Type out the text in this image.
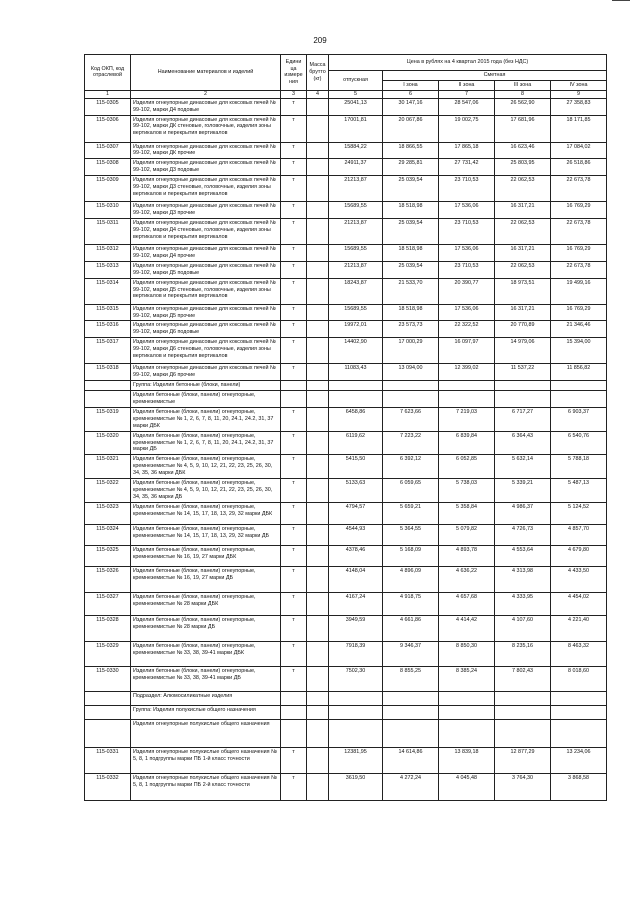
209
Код ОКП, код отраслевой	Наименование материалов и изделий	Едини ца измере ния	Масса брутто (кг)	Цена в рублях на 4 квартал 2015 года (без НДС)				
				отпускная	Сметная			
					I зона	II зона	III зона	IV зона
1	2	3	4	5	6	7	8	9
115-0305	Изделия огнеупорные динасовые для коксовых печей № 99-102, марки Д4 подовые	т		25041,13	30 147,16	28 547,06	26 562,90	27 358,83
115-0306	Изделия огнеупорные динасовые для коксовых печей № 99-102, марки ДК стеновые, головочные, изделия зоны вертикалов и перекрытия вертикалов	т		17001,81	20 067,86	19 002,75	17 681,96	18 171,85
115-0307	Изделия огнеупорные динасовые для коксовых печей № 99-102, марки ДК прочие	т		15884,22	18 866,55	17 865,18	16 623,46	17 084,02
115-0308	Изделия огнеупорные динасовые для коксовых печей № 99-102, марки Д3 подовые	т		24911,37	29 285,81	27 731,42	25 803,95	26 518,86
115-0309	Изделия огнеупорные динасовые для коксовых печей № 99-102, марки Д3 стеновые, головочные, изделия зоны вертикалов и перекрытия вертикалов	т		21213,87	25 039,54	23 710,53	22 062,53	22 673,78
115-0310	Изделия огнеупорные динасовые для коксовых печей № 99-102, марки Д3 прочие	т		15689,55	18 518,98	17 536,06	16 317,21	16 769,29
115-0311	Изделия огнеупорные динасовые для коксовых печей № 99-102, марки Д4 стеновые, головочные, изделия зоны вертикалов и перекрытия вертикалов	т		21213,87	25 039,54	23 710,53	22 062,53	22 673,78
115-0312	Изделия огнеупорные динасовые для коксовых печей № 99-102, марки Д4 прочие	т		15689,55	18 518,98	17 536,06	16 317,21	16 769,29
115-0313	Изделия огнеупорные динасовые для коксовых печей № 99-102, марки Д5 подовые	т		21213,87	25 039,54	23 710,53	22 062,53	22 673,78
115-0314	Изделия огнеупорные динасовые для коксовых печей № 99-102, марки Д5 стеновые, головочные, изделия зоны вертикалов и перекрытия вертикалов	т		18243,87	21 533,70	20 390,77	18 973,51	19 499,16
115-0315	Изделия огнеупорные динасовые для коксовых печей № 99-102, марки Д5 прочие	т		15689,55	18 518,98	17 536,06	16 317,21	16 769,29
115-0316	Изделия огнеупорные динасовые для коксовых печей № 99-102, марки Д6 подовые	т		19972,01	23 573,73	22 322,52	20 770,89	21 346,46
115-0317	Изделия огнеупорные динасовые для коксовых печей № 99-102, марки Д6 стеновые, головочные, изделия зоны вертикалов и перекрытия вертикалов	т		14402,90	17 000,29	16 097,97	14 979,06	15 394,00
115-0318	Изделия огнеупорные динасовые для коксовых печей № 99-102, марки Д6 прочие	т		11083,43	13 094,00	12 399,02	11 537,22	11 856,82
	Группа: Изделия бетонные (блоки, панели)							
	Изделия бетонные (блоки, панели) огнеупорные, кремнеземистые							
115-0319	Изделия бетонные (блоки, панели) огнеупорные, кремнеземистые № 1, 2, 6, 7, 8, 11, 20, 24.1, 24.2, 31, 37 марки ДБК	т		6458,86	7 623,66	7 219,03	6 717,27	6 903,37
115-0320	Изделия бетонные (блоки, панели) огнеупорные, кремнеземистые № 1, 2, 6, 7, 8, 11, 20, 24.1, 24.2, 31, 37 марки ДБ	т		6119,62	7 223,22	6 839,84	6 364,43	6 540,76
115-0321	Изделия бетонные (блоки, панели) огнеупорные, кремнеземистые № 4, 5, 9, 10, 12, 21, 22, 23, 25, 26, 30, 34, 35, 36 марки ДБК	т		5415,50	6 392,12	6 052,85	5 632,14	5 788,18
115-0322	Изделия бетонные (блоки, панели) огнеупорные, кремнеземистые № 4, 5, 9, 10, 12, 21, 22, 23, 25, 26, 30, 34, 35, 36 марки ДБ	т		5133,63	6 059,65	5 738,03	5 339,21	5 487,13
115-0323	Изделия бетонные (блоки, панели) огнеупорные, кремнеземистые № 14, 15, 17, 18, 13, 29, 32 марки ДБК	т		4794,57	5 659,21	5 358,84	4 986,37	5 124,52
115-0324	Изделия бетонные (блоки, панели) огнеупорные, кремнеземистые № 14, 15, 17, 18, 13, 29, 32 марки ДБ	т		4544,93	5 364,55	5 079,82	4 726,73	4 857,70
115-0325	Изделия бетонные (блоки, панели) огнеупорные, кремнеземистые № 16, 19, 27 марки ДБК	т		4378,46	5 168,09	4 893,78	4 553,64	4 679,80
115-0326	Изделия бетонные (блоки, панели) огнеупорные, кремнеземистые № 16, 19, 27 марки ДБ	т		4148,04	4 896,09	4 636,22	4 313,98	4 433,50
115-0327	Изделия бетонные (блоки, панели) огнеупорные, кремнеземистые № 28 марки ДБК	т		4167,24	4 918,75	4 657,68	4 333,95	4 454,02
115-0328	Изделия бетонные (блоки, панели) огнеупорные, кремнеземистые № 28 марки ДБ	т		3949,59	4 661,86	4 414,42	4 107,60	4 221,40
115-0329	Изделия бетонные (блоки, панели) огнеупорные, кремнеземистые № 33, 38, 39-41 марки ДБК	т		7918,39	9 346,37	8 850,30	8 235,16	8 463,32
115-0330	Изделия бетонные (блоки, панели) огнеупорные, кремнеземистые № 33, 38, 39-41 марки ДБ	т		7502,30	8 855,25	8 385,24	7 802,43	8 018,60
	Подраздел: Алюмосиликатные изделия							
	Группа: Изделия полукислые общего назначения							
	Изделия огнеупорные полукислые общего назначения							
115-0331	Изделия огнеупорные полукислые общего назначения № 5, 8, 1 подгруппы марки ПБ 1-й класс точности	т		12381,95	14 614,86	13 839,18	12 877,29	13 234,06
115-0332	Изделия огнеупорные полукислые общего назначения № 5, 8, 1 подгруппы марки ПБ 2-й класс точности	т		3619,50	4 272,24	4 045,48	3 764,30	3 868,58
